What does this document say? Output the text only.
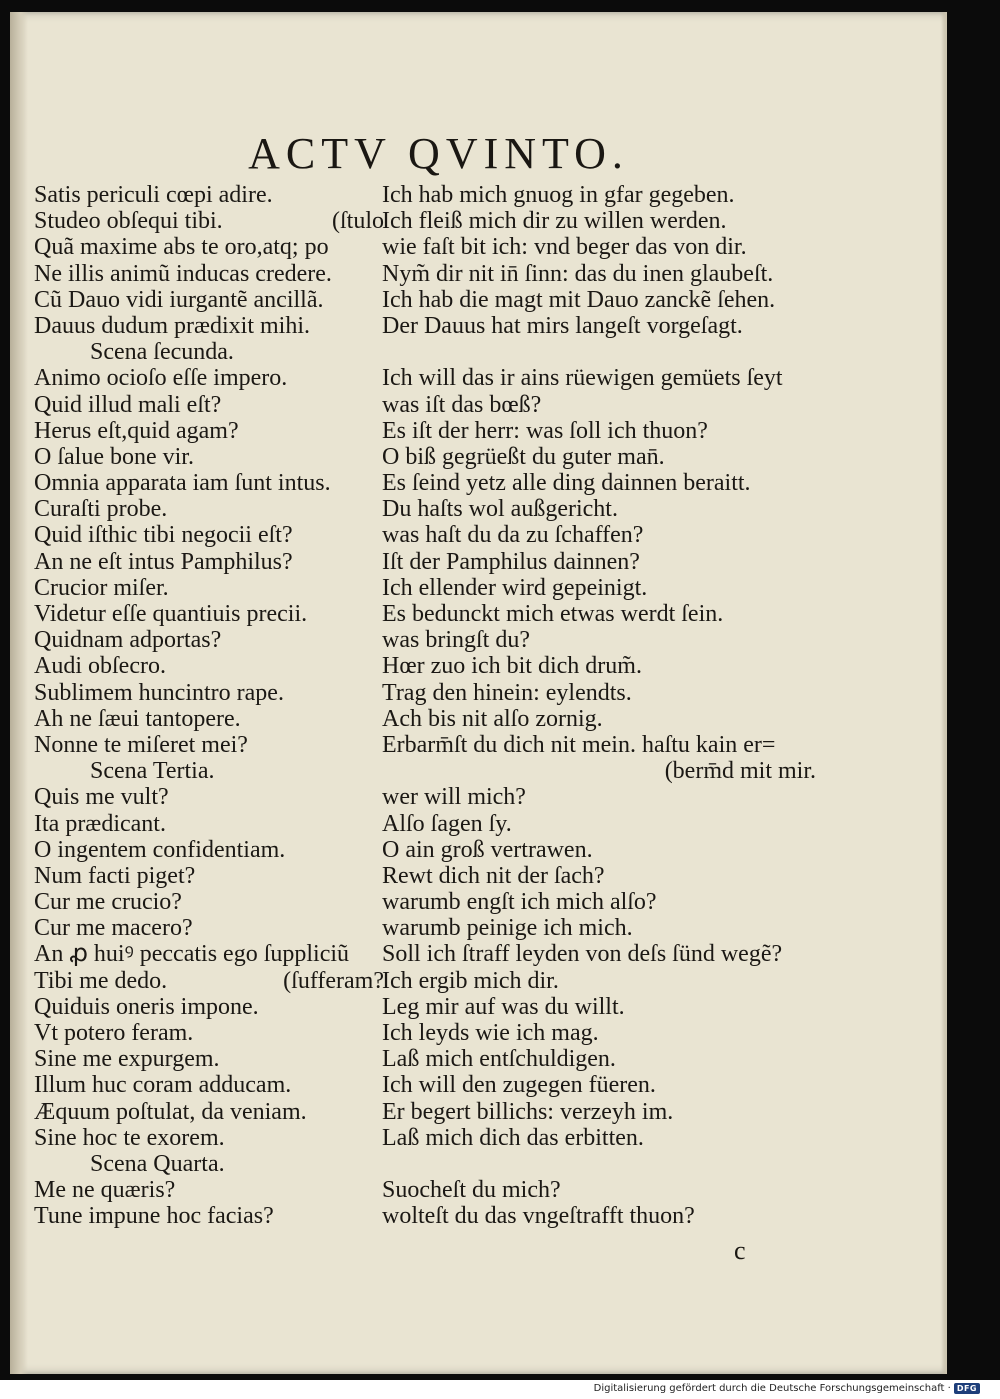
ACTV QVINTO.
Satis periculi cœpi adire.
Studeo obſequi tibi.	(ſtulo
Quã maxime abs te oro,atq; po
Ne illis animũ inducas credere.
Cũ Dauo vidi iurgantẽ ancillã.
Dauus dudum prædixit mihi.
Scena ſecunda.
Animo ocioſo eſſe impero.
Quid illud mali eſt?
Herus eſt,quid agam?
O ſalue bone vir.
Omnia apparata iam ſunt intus.
Curaſti probe.
Quid iſthic tibi negocii eſt?
An ne eſt intus Pamphilus?
Crucior miſer.
Videtur eſſe quantiuis precii.
Quidnam adportas?
Audi obſecro.
Sublimem huncintro rape.
Ah ne ſæui tantopere.
Nonne te miſeret mei?
Scena Tertia.
Quis me vult?
Ita prædicant.
O ingentem confidentiam.
Num facti piget?
Cur me crucio?
Cur me macero?
An ꝓ huiꝰ peccatis ego ſuppliciũ
Tibi me dedo.	(ſufferam?
Quiduis oneris impone.
Vt potero feram.
Sine me expurgem.
Illum huc coram adducam.
Æquum poſtulat, da veniam.
Sine hoc te exorem.
Scena Quarta.
Me ne quæris?
Tune impune hoc facias?
Ich hab mich gnuog in gfar gegeben.
Ich fleiß mich dir zu willen werden.
wie faſt bit ich: vnd beger das von dir.
Nym̃ dir nit in̄ ſinn: das du inen glaubeſt.
Ich hab die magt mit Dauo zanckẽ ſehen.
Der Dauus hat mirs langeſt vorgeſagt.
Ich will das ir ains rüewigen gemüets ſeyt
was iſt das bœß?
Es iſt der herr: was ſoll ich thuon?
O biß gegrüeßt du guter man̄.
Es ſeind yetz alle ding dainnen beraitt.
Du haſts wol außgericht.
was haſt du da zu ſchaffen?
Iſt der Pamphilus dainnen?
Ich ellender wird gepeinigt.
Es bedunckt mich etwas werdt ſein.
was bringſt du?
Hœr zuo ich bit dich drum̃.
Trag den hinein: eylendts.
Ach bis nit alſo zornig.
Erbarm̄ſt du dich nit mein. haſtu kain er=
(berm̄d mit mir.
wer will mich?
Alſo ſagen ſy.
O ain groß vertrawen.
Rewt dich nit der ſach?
warumb engſt ich mich alſo?
warumb peinige ich mich.
Soll ich ſtraff leyden von deſs ſünd wegẽ?
Ich ergib mich dir.
Leg mir auf was du willt.
Ich leyds wie ich mag.
Laß mich entſchuldigen.
Ich will den zugegen füeren.
Er begert billichs: verzeyh im.
Laß mich dich das erbitten.
Suocheſt du mich?
wolteſt du das vngeſtrafft thuon?
c
Digitalisierung gefördert durch die Deutsche Forschungsgemeinschaft · DFG
